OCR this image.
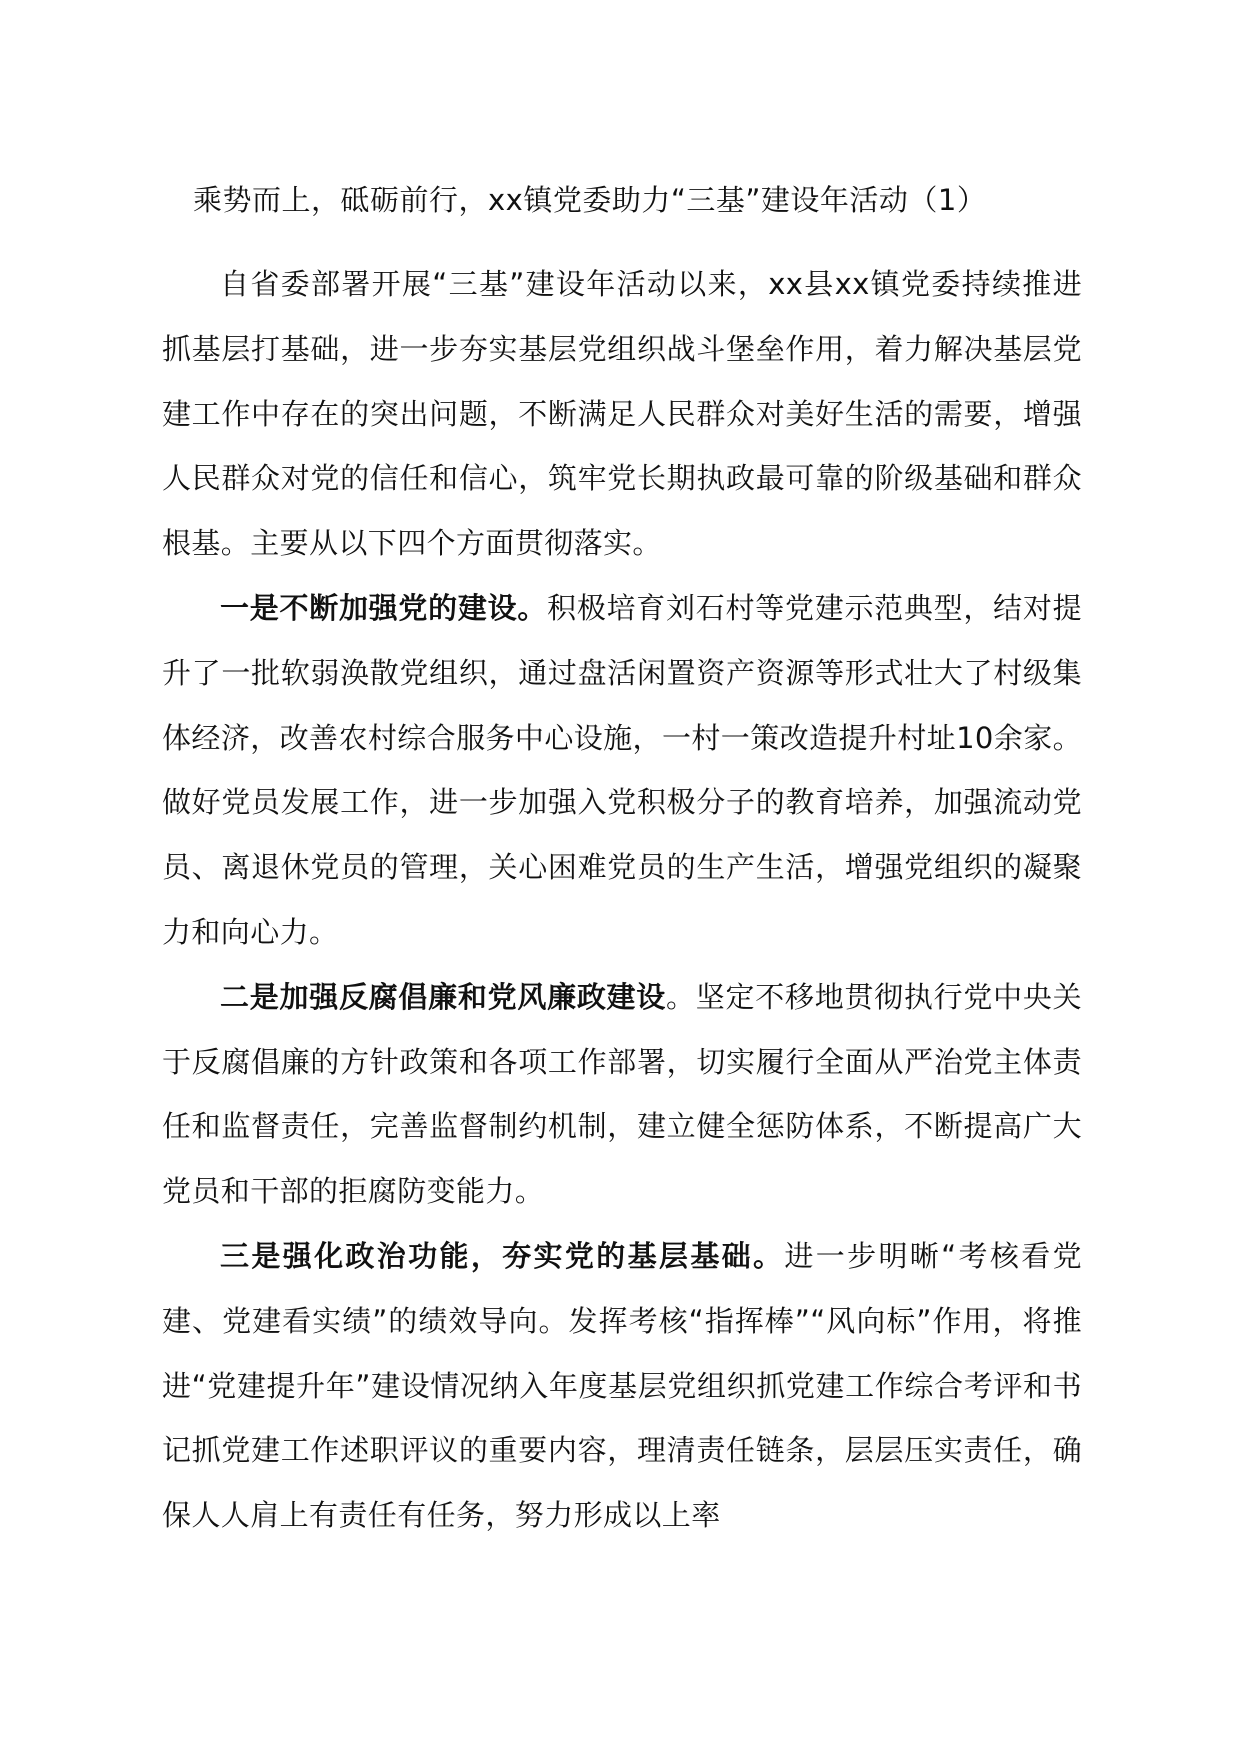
乘势而上，砥砺前行，xx镇党委助力“三基”建设年活动（1）

自省委部署开展“三基”建设年活动以来，xx县xx镇党委持续推进抓基层打基础，进一步夯实基层党组织战斗堡垒作用，着力解决基层党建工作中存在的突出问题，不断满足人民群众对美好生活的需要，增强人民群众对党的信任和信心，筑牢党长期执政最可靠的阶级基础和群众根基。主要从以下四个方面贯彻落实。

一是不断加强党的建设。积极培育刘石村等党建示范典型，结对提升了一批软弱涣散党组织，通过盘活闲置资产资源等形式壮大了村级集体经济，改善农村综合服务中心设施，一村一策改造提升村址10余家。做好党员发展工作，进一步加强入党积极分子的教育培养，加强流动党员、离退休党员的管理，关心困难党员的生产生活，增强党组织的凝聚力和向心力。

二是加强反腐倡廉和党风廉政建设。坚定不移地贯彻执行党中央关于反腐倡廉的方针政策和各项工作部署，切实履行全面从严治党主体责任和监督责任，完善监督制约机制，建立健全惩防体系，不断提高广大党员和干部的拒腐防变能力。

三是强化政治功能，夯实党的基层基础。进一步明晰“考核看党建、党建看实绩”的绩效导向。发挥考核“指挥棒”“风向标”作用，将推进“党建提升年”建设情况纳入年度基层党组织抓党建工作综合考评和书记抓党建工作述职评议的重要内容，理清责任链条，层层压实责任，确保人人肩上有责任有任务，努力形成以上率
